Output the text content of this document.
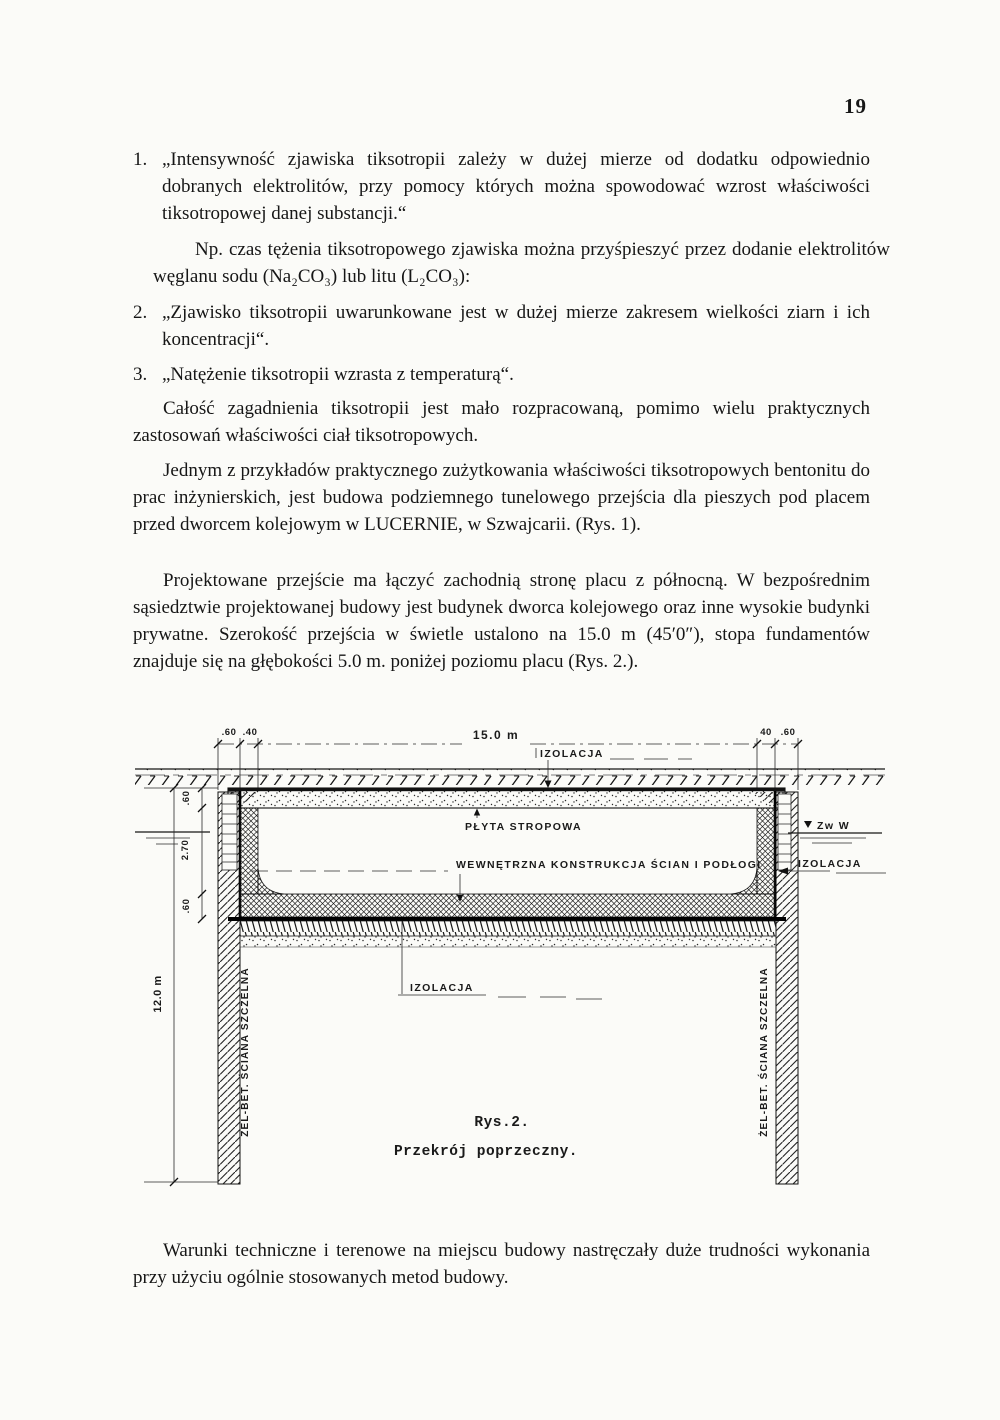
19
1. „Intensywność zjawiska tiksotropii zależy w dużej mierze od dodatku odpowiednio dobranych elektrolitów, przy pomocy których można spowodować wzrost właściwości tiksotropowej danej substancji.“
Np. czas tężenia tiksotropowego zjawiska można przyśpieszyć przez dodanie elektrolitów węglanu sodu (Na₂CO₃) lub litu (L₂CO₃):
2. „Zjawisko tiksotropii uwarunkowane jest w dużej mierze zakresem wielkości ziarn i ich koncentracji“.
3. „Natężenie tiksotropii wzrasta z temperaturą“.
Całość zagadnienia tiksotropii jest mało rozpracowaną, pomimo wielu praktycznych zastosowań właściwości ciał tiksotropowych.
Jednym z przykładów praktycznego zużytkowania właściwości tiksotropowych bentonitu do prac inżynierskich, jest budowa podziemnego tunelowego przejścia dla pieszych pod placem przed dworcem kolejowym w LUCERNIE, w Szwajcarii. (Rys. 1).
Projektowane przejście ma łączyć zachodnią stronę placu z północną. W bezpośrednim sąsiedztwie projektowanej budowy jest budynek dworca kolejowego oraz inne wysokie budynki prywatne. Szerokość przejścia w świetle ustalono na 15.0 m (45′0″), stopa fundamentów znajduje się na głębokości 5.0 m. poniżej poziomu placu (Rys. 2.).
.60 .40	15.0 m	40 .60
IZOLACJA
PŁYTA STROPOWA
WEWNĘTRZNA KONSTRUKCJA ŚCIAN I PODŁOGI
Zw W
IZOLACJA
.60
2.70
.60
12.0 m	IZOLACJA
ŻEL-BET. ŚCIANA SZCZELNA	ŻEL-BET. ŚCIANA SZCZELNA
Rys.2.
Przekrój poprzeczny.
Warunki techniczne i terenowe na miejscu budowy nastręczały duże trudności wykonania przy użyciu ogólnie stosowanych metod budowy.
